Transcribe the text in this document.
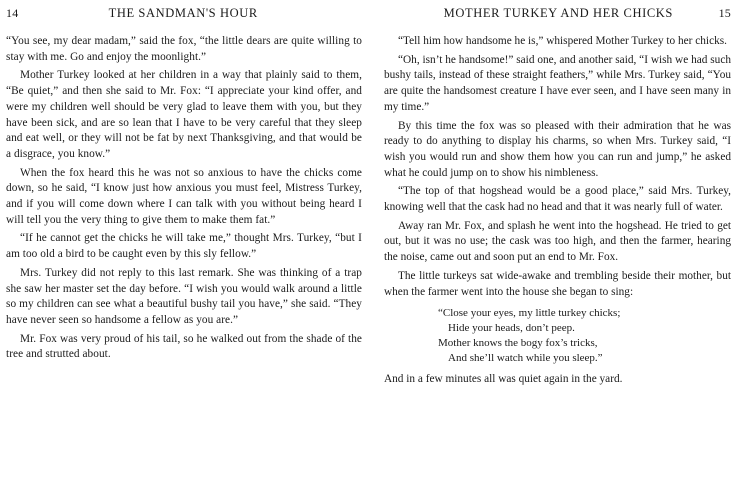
14	THE SANDMAN'S HOUR

“You see, my dear madam,” said the fox, “the little dears are quite willing to stay with me. Go and enjoy the moonlight.”

Mother Turkey looked at her children in a way that plainly said to them, “Be quiet,” and then she said to Mr. Fox: “I appreciate your kind offer, and were my children well should be very glad to leave them with you, but they have been sick, and are so lean that I have to be very careful that they sleep and eat well, or they will not be fat by next Thanksgiving, and that would be a disgrace, you know.”

When the fox heard this he was not so anxious to have the chicks come down, so he said, “I know just how anxious you must feel, Mistress Turkey, and if you will come down where I can talk with you without being heard I will tell you the very thing to give them to make them fat.”

“If he cannot get the chicks he will take me,” thought Mrs. Turkey, “but I am too old a bird to be caught even by this sly fellow.”

Mrs. Turkey did not reply to this last remark. She was thinking of a trap she saw her master set the day before. “I wish you would walk around a little so my children can see what a beautiful bushy tail you have,” she said. “They have never seen so handsome a fellow as you are.”

Mr. Fox was very proud of his tail, so he walked out from the shade of the tree and strutted about.

MOTHER TURKEY AND HER CHICKS	15

“Tell him how handsome he is,” whispered Mother Turkey to her chicks.

“Oh, isn’t he handsome!” said one, and another said, “I wish we had such bushy tails, instead of these straight feathers,” while Mrs. Turkey said, “You are quite the handsomest creature I have ever seen, and I have seen many in my time.”

By this time the fox was so pleased with their admiration that he was ready to do anything to display his charms, so when Mrs. Turkey said, “I wish you would run and show them how you can run and jump,” he asked what he could jump on to show his nimbleness.

“The top of that hogshead would be a good place,” said Mrs. Turkey, knowing well that the cask had no head and that it was nearly full of water.

Away ran Mr. Fox, and splash he went into the hogshead. He tried to get out, but it was no use; the cask was too high, and then the farmer, hearing the noise, came out and soon put an end to Mr. Fox.

The little turkeys sat wide-awake and trembling beside their mother, but when the farmer went into the house she began to sing:

“Close your eyes, my little turkey chicks;
Hide your heads, don’t peep.
Mother knows the bogy fox’s tricks,
And she’ll watch while you sleep.”

And in a few minutes all was quiet again in the yard.
